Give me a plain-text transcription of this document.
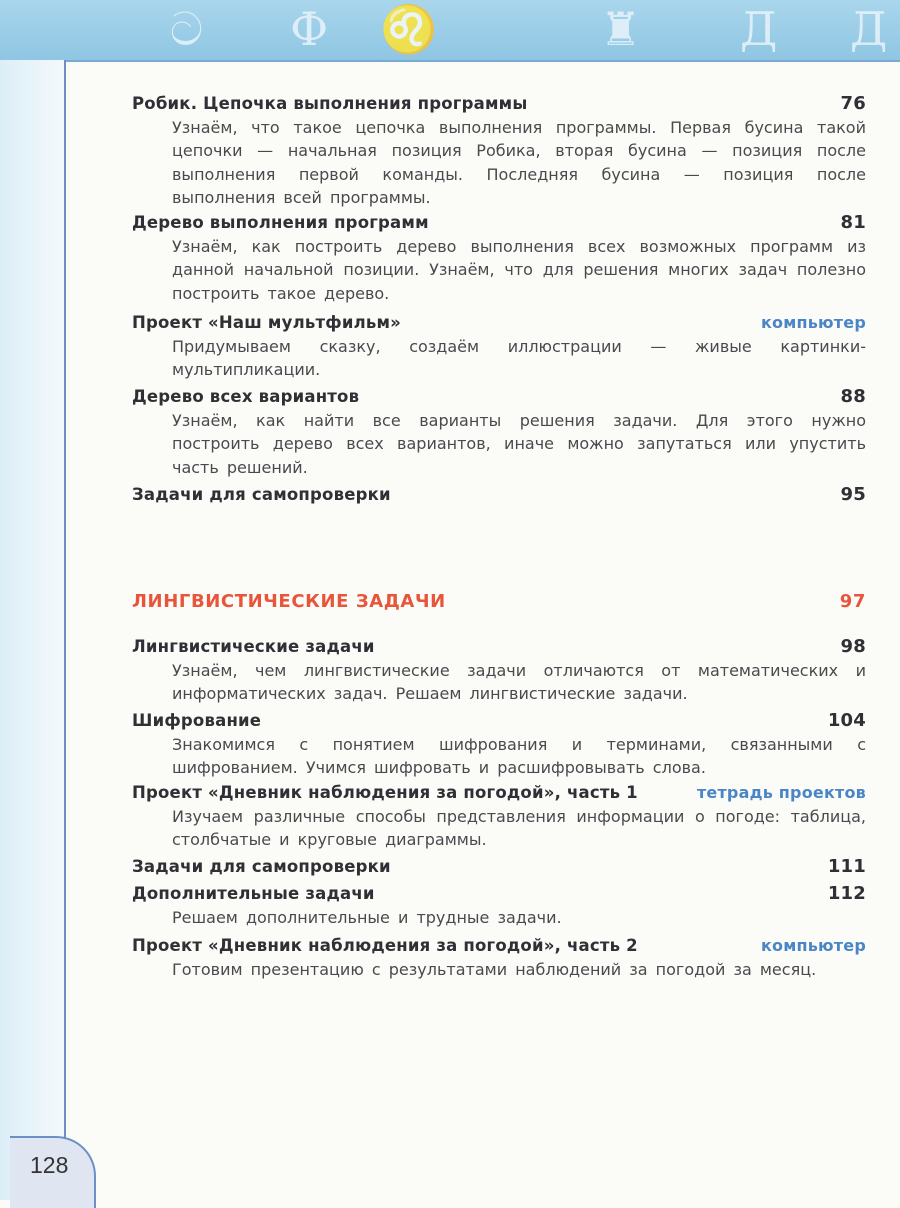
ට Ф ♌	♜ Д Д
128
Робик. Цепочка выполнения программы	76
Узнаём, что такое цепочка выполнения программы. Первая бусина такой цепочки — начальная позиция Робика, вторая бусина — позиция после выполнения первой команды. Последняя бусина — позиция после выполнения всей программы.
Дерево выполнения программ	81
Узнаём, как построить дерево выполнения всех возможных программ из данной начальной позиции. Узнаём, что для решения многих задач полезно построить такое дерево.
Проект «Наш мультфильм»	компьютер
Придумываем сказку, создаём иллюстрации — живые картинки-мультипликации.
Дерево всех вариантов	88
Узнаём, как найти все варианты решения задачи. Для этого нужно построить дерево всех вариантов, иначе можно запутаться или упустить часть решений.
Задачи для самопроверки	95
ЛИНГВИСТИЧЕСКИЕ ЗАДАЧИ	97
Лингвистические задачи	98
Узнаём, чем лингвистические задачи отличаются от математических и информатических задач. Решаем лингвистические задачи.
Шифрование	104
Знакомимся с понятием шифрования и терминами, связанными с шифрованием. Учимся шифровать и расшифровывать слова.
Проект «Дневник наблюдения за погодой», часть 1	тетрадь проектов
Изучаем различные способы представления информации о погоде: таблица, столбчатые и круговые диаграммы.
Задачи для самопроверки	111
Дополнительные задачи	112
Решаем дополнительные и трудные задачи.
Проект «Дневник наблюдения за погодой», часть 2	компьютер
Готовим презентацию с результатами наблюдений за погодой за месяц.
